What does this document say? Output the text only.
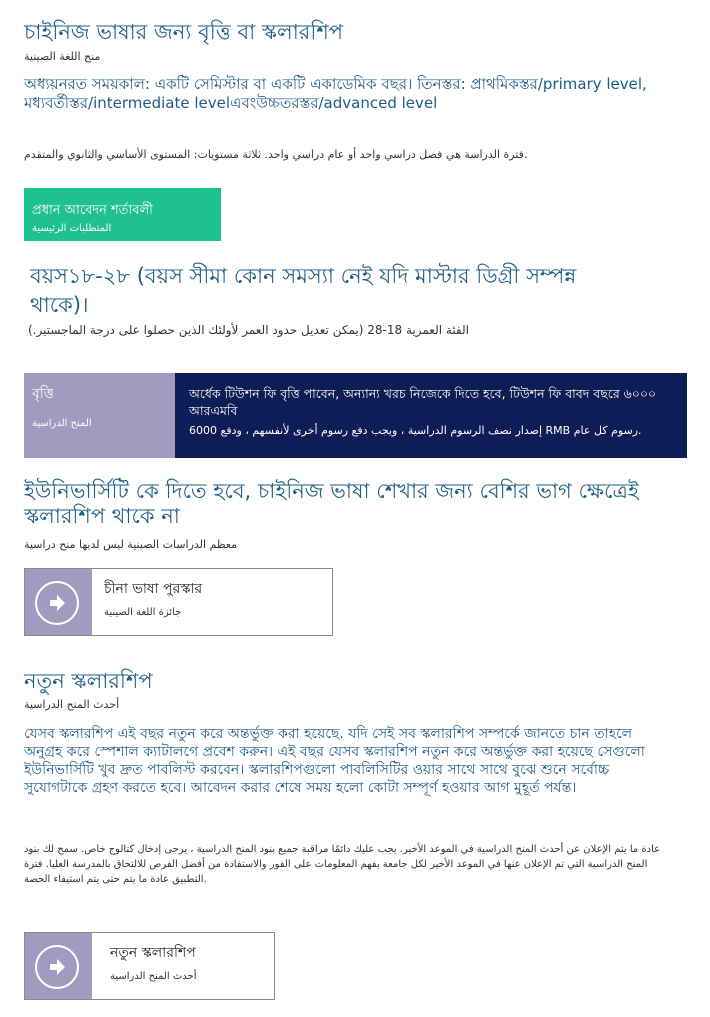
চাইনিজ ভাষার জন্য বৃত্তি বা স্কলারশিপ
منح اللغة الصينية
অধ্যয়নরত সময়কাল: একটি সেমিস্টার বা একটি একাডেমিক বছর। তিনস্তর: প্রাথমিকস্তর/primary level, মধ্যবর্তীস্তর/intermediate levelএবংউচ্চতরস্তর/advanced level
فترة الدراسة هي فصل دراسي واحد أو عام دراسي واحد. ثلاثة مستويات: المستوى الأساسي والثانوي والمتقدم.
প্রধান আবেদন শর্তাবলী
المتطلبات الرئيسية
বয়স১৮-২৮ (বয়স সীমা কোন সমস্যা নেই যদি মাস্টার ডিগ্রী সম্পন্ন থাকে)।
الفئة العمرية 18-28 (يمكن تعديل حدود العمر لأولئك الذين حصلوا على درجة الماجستير.)
বৃত্তি
المنح الدراسية
অর্ধেক টিউশন ফি বৃত্তি পাবেন, অন্যান্য খরচ নিজেকে দিতে হবে, টিউশন ফি বাবদ বছরে ৬০০০ আরএমবি
إصدار نصف الرسوم الدراسية ، ويجب دفع رسوم أخرى لأنفسهم ، ودفع 6000 RMB رسوم كل عام.
ইউনিভার্সিটি কে দিতে হবে, চাইনিজ ভাষা শেখার জন্য বেশির ভাগ ক্ষেত্রেই স্কলারশিপ থাকে না
معظم الدراسات الصينية ليس لديها منح دراسية
চীনা ভাষা পুরস্কার
جائزة اللغة الصينية
নতুন স্কলারশিপ
أحدث المنح الدراسية
যেসব স্কলারশিপ এই বছর নতুন করে অন্তর্ভুক্ত করা হয়েছে. যদি সেই সব স্কলারশিপ সম্পর্কে জানতে চান তাহলে অনুগ্রহ করে স্পেশাল ক্যাটালগে প্রবেশ করুন। এই বছর যেসব স্কলারশিপ নতুন করে অন্তর্ভুক্ত করা হয়েছে সেগুলো ইউনিভার্সিটি খুব দ্রুত পাবলিস্ট করবেন। স্কলারশিপগুলো পাবলিসিটির ওয়ার সাথে সাথে বুঝে শুনে সর্বোচ্চ সুযোগটাকে গ্রহণ করতে হবে। আবেদন করার শেষে সময় হলো কোটা সম্পূর্ণ হওয়ার আগ মুহূর্ত পর্যন্ত।
عادة ما يتم الإعلان عن أحدث المنح الدراسية في الموعد الأخير. يجب عليك دائمًا مراقبة جميع بنود المنح الدراسية ، يرجى إدخال كتالوج خاص. سمح لك بنود المنح الدراسية التي تم الإعلان عنها في الموعد الأخير لكل جامعة بفهم المعلومات على الفور والاستفادة من أفضل الفرص للالتحاق بالمدرسة العليا. فترة التطبيق عادة ما يتم حتى يتم استيفاء الحصة.
নতুন স্কলারশিপ
أحدث المنح الدراسية
